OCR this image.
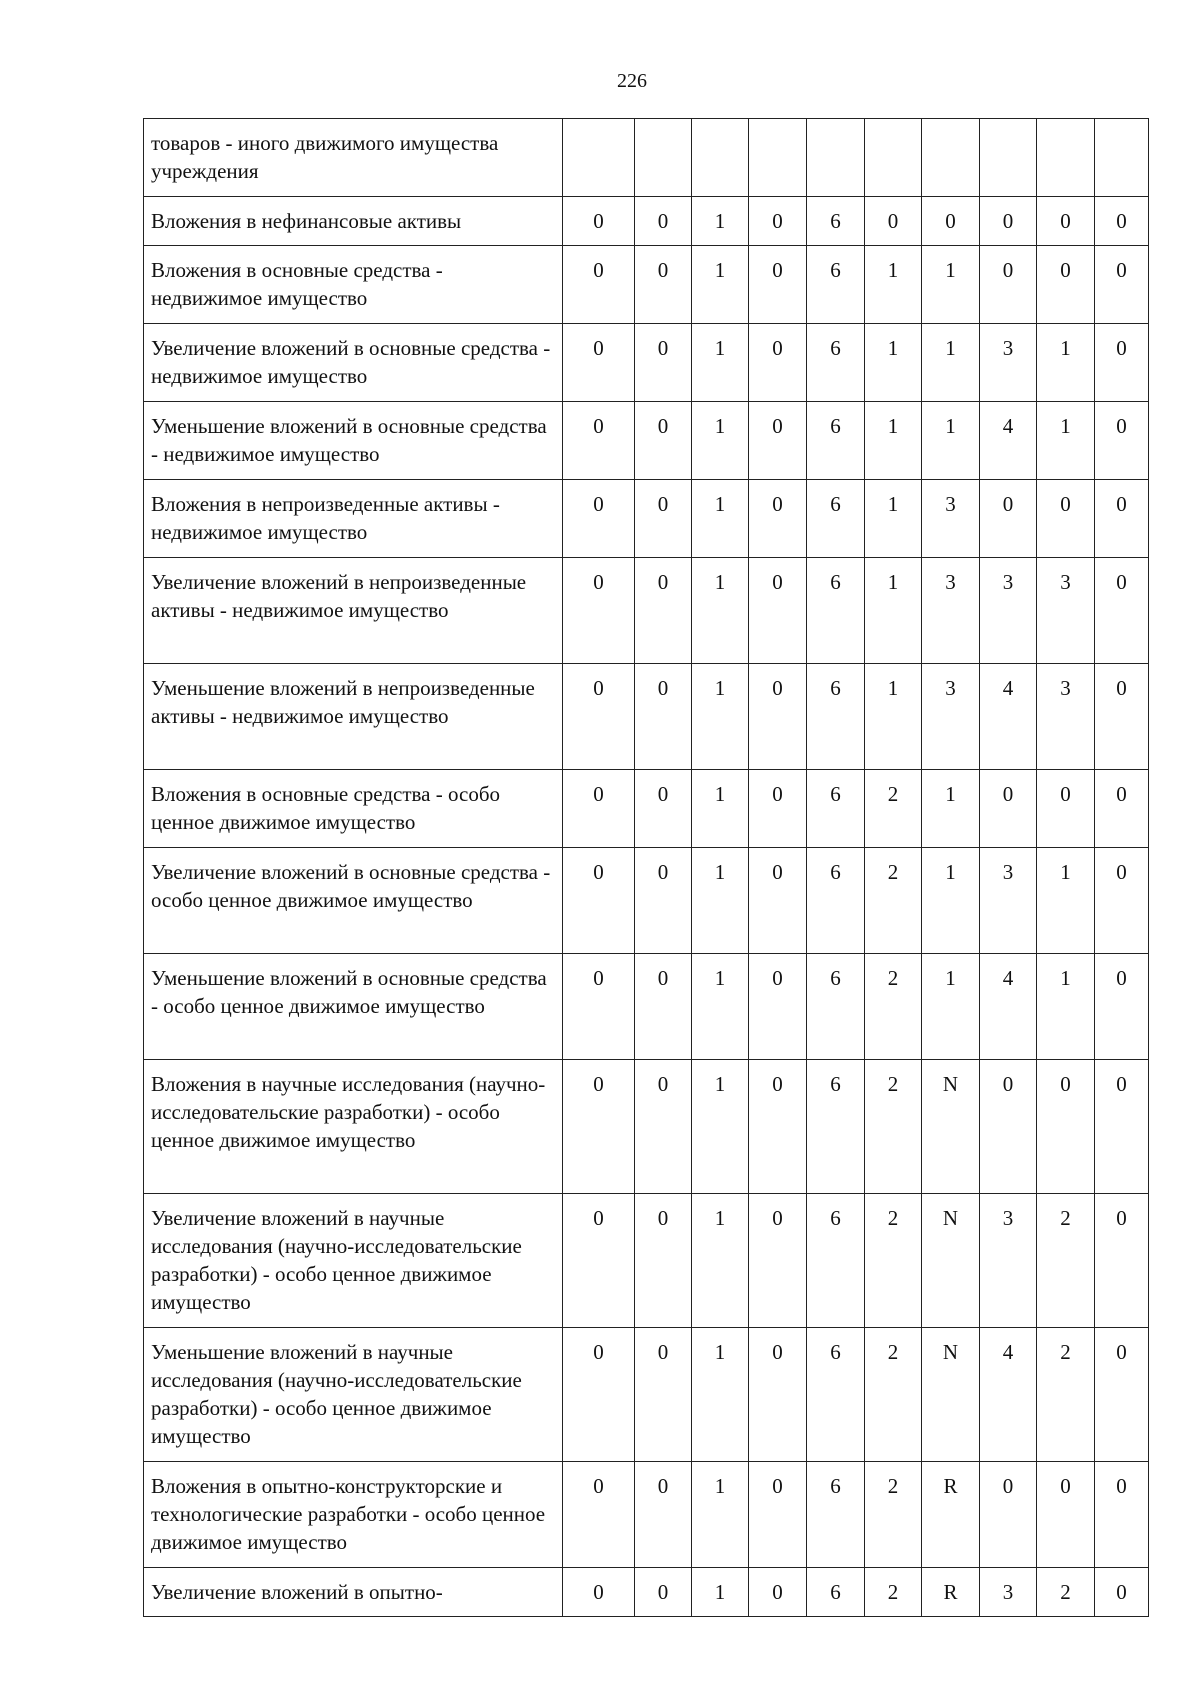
226
товаров - иного движимого имущества учреждения										
Вложения в нефинансовые активы	0	0	1	0	6	0	0	0	0	0
Вложения в основные средства - недвижимое имущество	0	0	1	0	6	1	1	0	0	0
Увеличение вложений в основные средства - недвижимое имущество	0	0	1	0	6	1	1	3	1	0
Уменьшение вложений в основные средства - недвижимое имущество	0	0	1	0	6	1	1	4	1	0
Вложения в непроизведенные активы - недвижимое имущество	0	0	1	0	6	1	3	0	0	0
Увеличение вложений в непроизведенные активы - недвижимое имущество	0	0	1	0	6	1	3	3	3	0
Уменьшение вложений в непроизведенные активы - недвижимое имущество	0	0	1	0	6	1	3	4	3	0
Вложения в основные средства - особо ценное движимое имущество	0	0	1	0	6	2	1	0	0	0
Увеличение вложений в основные средства - особо ценное движимое имущество	0	0	1	0	6	2	1	3	1	0
Уменьшение вложений в основные средства - особо ценное движимое имущество	0	0	1	0	6	2	1	4	1	0
Вложения в научные исследования (научно-исследовательские разработки) - особо ценное движимое имущество	0	0	1	0	6	2	N	0	0	0
Увеличение вложений в научные исследования (научно-исследовательские разработки) - особо ценное движимое имущество	0	0	1	0	6	2	N	3	2	0
Уменьшение вложений в научные исследования (научно-исследовательские разработки) - особо ценное движимое имущество	0	0	1	0	6	2	N	4	2	0
Вложения в опытно-конструкторские и технологические разработки - особо ценное движимое имущество	0	0	1	0	6	2	R	0	0	0
Увеличение вложений в опытно-	0	0	1	0	6	2	R	3	2	0
